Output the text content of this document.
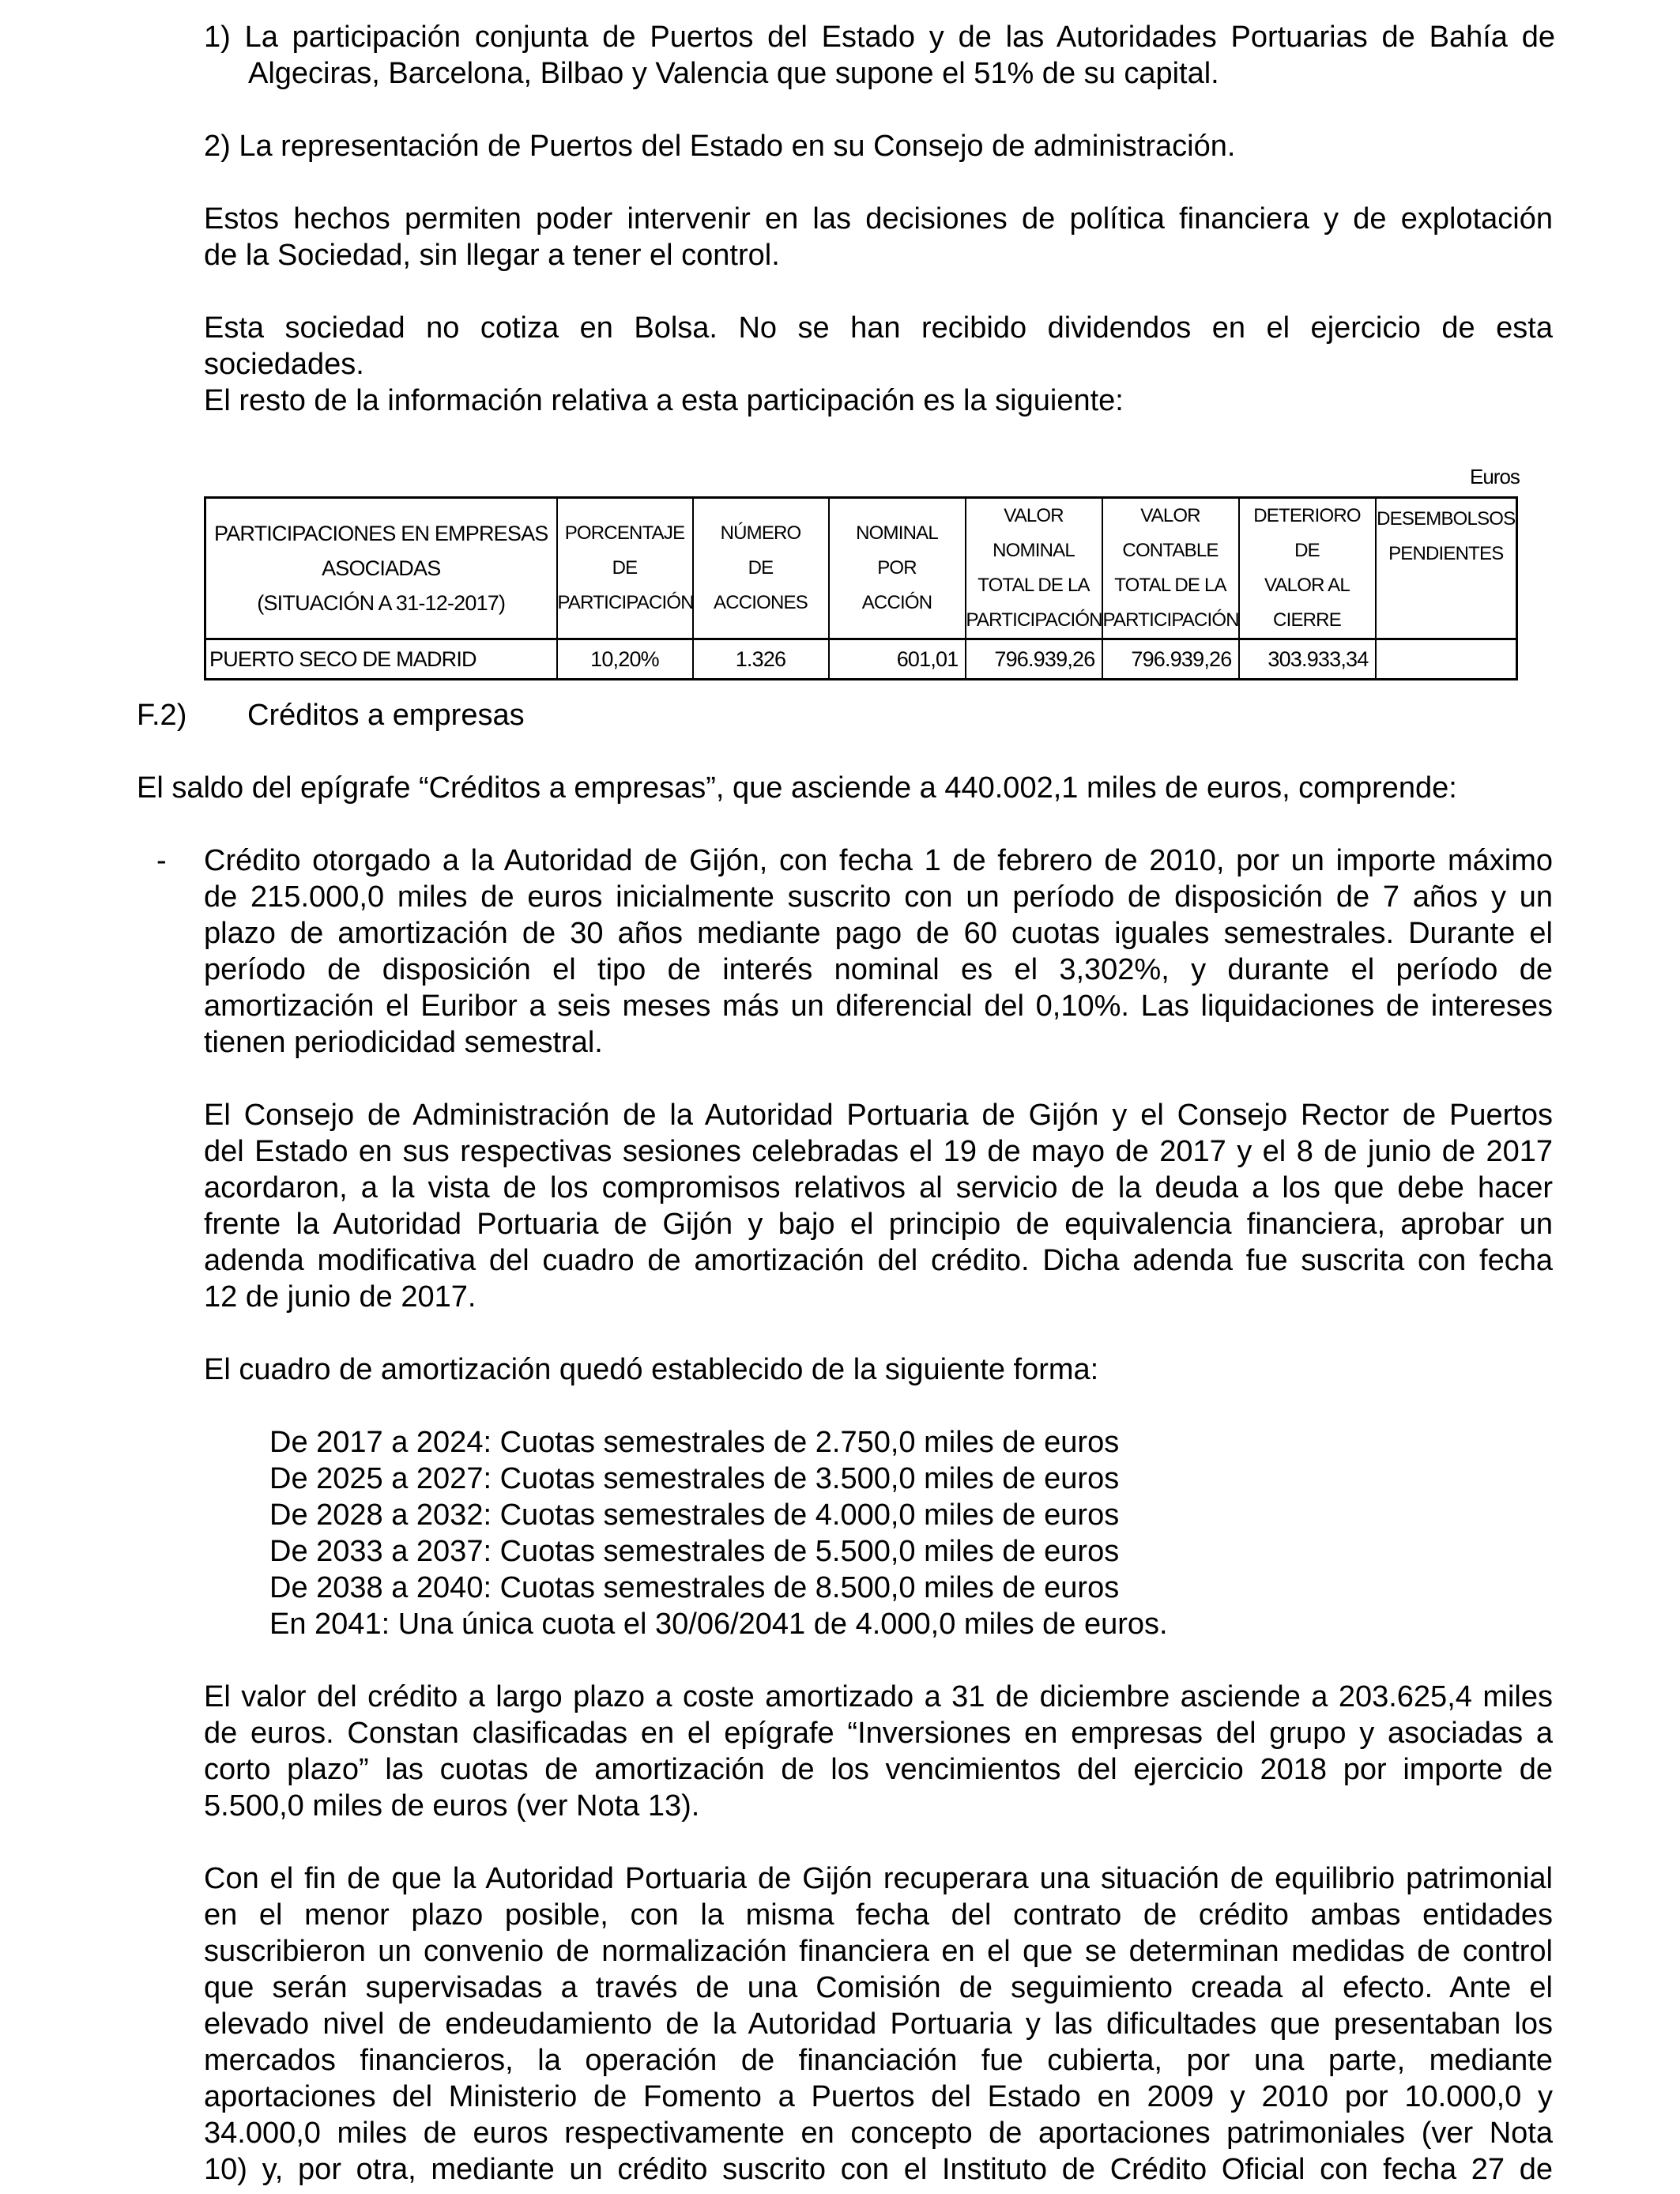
1) La participación conjunta de Puertos del Estado y de las Autoridades Portuarias de Bahía de
Algeciras, Barcelona, Bilbao y Valencia que supone el 51% de su capital.
2) La representación de Puertos del Estado en su Consejo de administración.
Estos hechos permiten poder intervenir en las decisiones de política financiera y de explotación
de la Sociedad, sin llegar a tener el control.
Esta sociedad no cotiza en Bolsa. No se han recibido dividendos en el ejercicio de esta
sociedades.
El resto de la información relativa a esta participación es la siguiente:
Euros
PARTICIPACIONES EN EMPRESAS
ASOCIADAS
(SITUACIÓN A 31-12-2017)	PORCENTAJE
DE
PARTICIPACIÓN	NÚMERO
DE
ACCIONES	NOMINAL
POR
ACCIÓN	VALOR NOMINAL
TOTAL DE LA
PARTICIPACIÓN	VALOR CONTABLE
TOTAL DE LA
PARTICIPACIÓN	DETERIORO DE
VALOR AL
CIERRE	DESEMBOLSOS
PENDIENTES

PUERTO SECO DE MADRID	10,20%	1.326	601,01	796.939,26	796.939,26	303.933,34	
F.2) Créditos a empresas
El saldo del epígrafe “Créditos a empresas”, que asciende a 440.002,1 miles de euros, comprende:
- Crédito otorgado a la Autoridad de Gijón, con fecha 1 de febrero de 2010, por un importe máximo
de 215.000,0 miles de euros inicialmente suscrito con un período de disposición de 7 años y un
plazo de amortización de 30 años mediante pago de 60 cuotas iguales semestrales. Durante el
período de disposición el tipo de interés nominal es el 3,302%, y durante el período de
amortización el Euribor a seis meses más un diferencial del 0,10%. Las liquidaciones de intereses
tienen periodicidad semestral.
El Consejo de Administración de la Autoridad Portuaria de Gijón y el Consejo Rector de Puertos
del Estado en sus respectivas sesiones celebradas el 19 de mayo de 2017 y el 8 de junio de 2017
acordaron, a la vista de los compromisos relativos al servicio de la deuda a los que debe hacer
frente la Autoridad Portuaria de Gijón y bajo el principio de equivalencia financiera, aprobar un
adenda modificativa del cuadro de amortización del crédito. Dicha adenda fue suscrita con fecha
12 de junio de 2017.
El cuadro de amortización quedó establecido de la siguiente forma:
De 2017 a 2024: Cuotas semestrales de 2.750,0 miles de euros
De 2025 a 2027: Cuotas semestrales de 3.500,0 miles de euros
De 2028 a 2032: Cuotas semestrales de 4.000,0 miles de euros
De 2033 a 2037: Cuotas semestrales de 5.500,0 miles de euros
De 2038 a 2040: Cuotas semestrales de 8.500,0 miles de euros
En 2041: Una única cuota el 30/06/2041 de 4.000,0 miles de euros.
El valor del crédito a largo plazo a coste amortizado a 31 de diciembre asciende a 203.625,4 miles
de euros. Constan clasificadas en el epígrafe “Inversiones en empresas del grupo y asociadas a
corto plazo” las cuotas de amortización de los vencimientos del ejercicio 2018 por importe de
5.500,0 miles de euros (ver Nota 13).
Con el fin de que la Autoridad Portuaria de Gijón recuperara una situación de equilibrio patrimonial
en el menor plazo posible, con la misma fecha del contrato de crédito ambas entidades
suscribieron un convenio de normalización financiera en el que se determinan medidas de control
que serán supervisadas a través de una Comisión de seguimiento creada al efecto. Ante el
elevado nivel de endeudamiento de la Autoridad Portuaria y las dificultades que presentaban los
mercados financieros, la operación de financiación fue cubierta, por una parte, mediante
aportaciones del Ministerio de Fomento a Puertos del Estado en 2009 y 2010 por 10.000,0 y
34.000,0 miles de euros respectivamente en concepto de aportaciones patrimoniales (ver Nota
10) y, por otra, mediante un crédito suscrito con el Instituto de Crédito Oficial con fecha 27 de
